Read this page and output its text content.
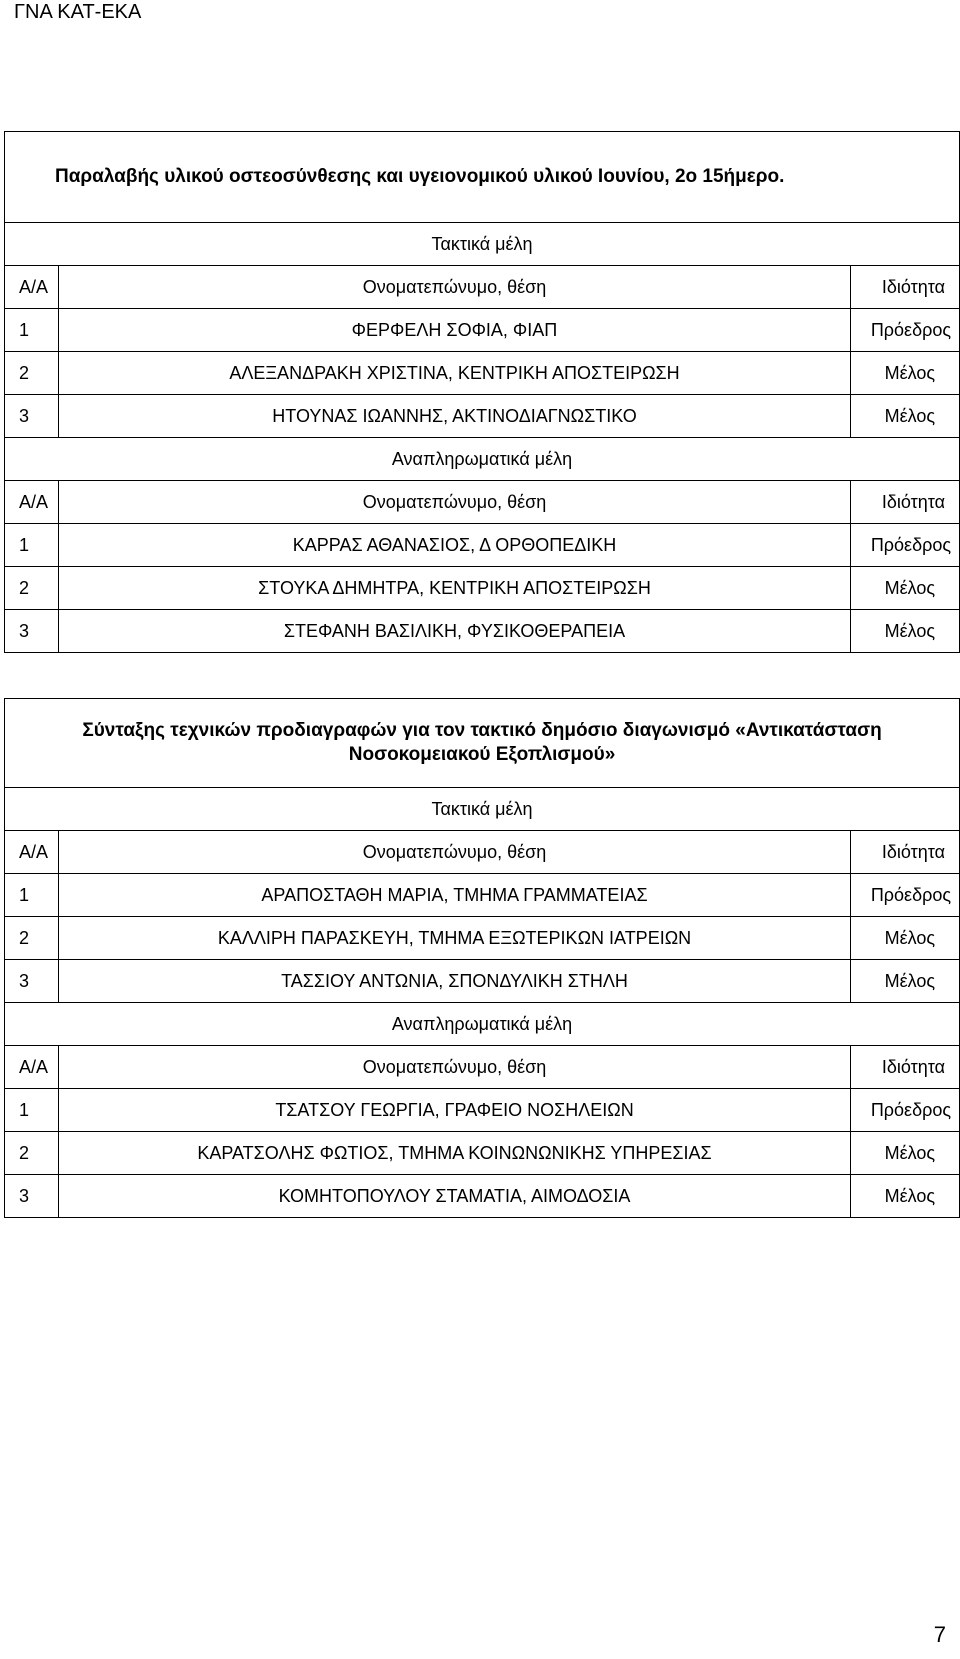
ΓΝΑ ΚΑΤ-ΕΚΑ
Παραλαβής υλικού οστεοσύνθεσης και υγειονομικού υλικού Ιουνίου, 2ο 15ήμερο.		
Τακτικά μέλη		
Α/Α	Ονοματεπώνυμο, θέση	Ιδιότητα
1	ΦΕΡΦΕΛΗ ΣΟΦΙΑ, ΦΙΑΠ	Πρόεδρος
2	ΑΛΕΞΑΝΔΡΑΚΗ ΧΡΙΣΤΙΝΑ, ΚΕΝΤΡΙΚΗ ΑΠΟΣΤΕΙΡΩΣΗ	Μέλος
3	ΗΤΟΥΝΑΣ ΙΩΑΝΝΗΣ, ΑΚΤΙΝΟΔΙΑΓΝΩΣΤΙΚΟ	Μέλος
Αναπληρωματικά μέλη		
Α/Α	Ονοματεπώνυμο, θέση	Ιδιότητα
1	ΚΑΡΡΑΣ ΑΘΑΝΑΣΙΟΣ, Δ ΟΡΘΟΠΕΔΙΚΗ	Πρόεδρος
2	ΣΤΟΥΚΑ ΔΗΜΗΤΡΑ, ΚΕΝΤΡΙΚΗ ΑΠΟΣΤΕΙΡΩΣΗ	Μέλος
3	ΣΤΕΦΑΝΗ ΒΑΣΙΛΙΚΗ, ΦΥΣΙΚΟΘΕΡΑΠΕΙΑ	Μέλος
Σύνταξης τεχνικών προδιαγραφών για τον τακτικό δημόσιο διαγωνισμό «Αντικατάσταση Νοσοκομειακού Εξοπλισμού»		
Τακτικά μέλη		
Α/Α	Ονοματεπώνυμο, θέση	Ιδιότητα
1	ΑΡΑΠΟΣΤΑΘΗ ΜΑΡΙΑ, ΤΜΗΜΑ ΓΡΑΜΜΑΤΕΙΑΣ	Πρόεδρος
2	ΚΑΛΛΙΡΗ ΠΑΡΑΣΚΕΥΗ, ΤΜΗΜΑ ΕΞΩΤΕΡΙΚΩΝ ΙΑΤΡΕΙΩΝ	Μέλος
3	ΤΑΣΣΙΟΥ ΑΝΤΩΝΙΑ, ΣΠΟΝΔΥΛΙΚΗ ΣΤΗΛΗ	Μέλος
Αναπληρωματικά μέλη		
Α/Α	Ονοματεπώνυμο, θέση	Ιδιότητα
1	ΤΣΑΤΣΟΥ ΓΕΩΡΓΙΑ, ΓΡΑΦΕΙΟ ΝΟΣΗΛΕΙΩΝ	Πρόεδρος
2	ΚΑΡΑΤΣΟΛΗΣ ΦΩΤΙΟΣ, ΤΜΗΜΑ ΚΟΙΝΩΝΩΝΙΚΗΣ ΥΠΗΡΕΣΙΑΣ	Μέλος
3	ΚΟΜΗΤΟΠΟΥΛΟΥ ΣΤΑΜΑΤΙΑ, ΑΙΜΟΔΟΣΙΑ	Μέλος
7
